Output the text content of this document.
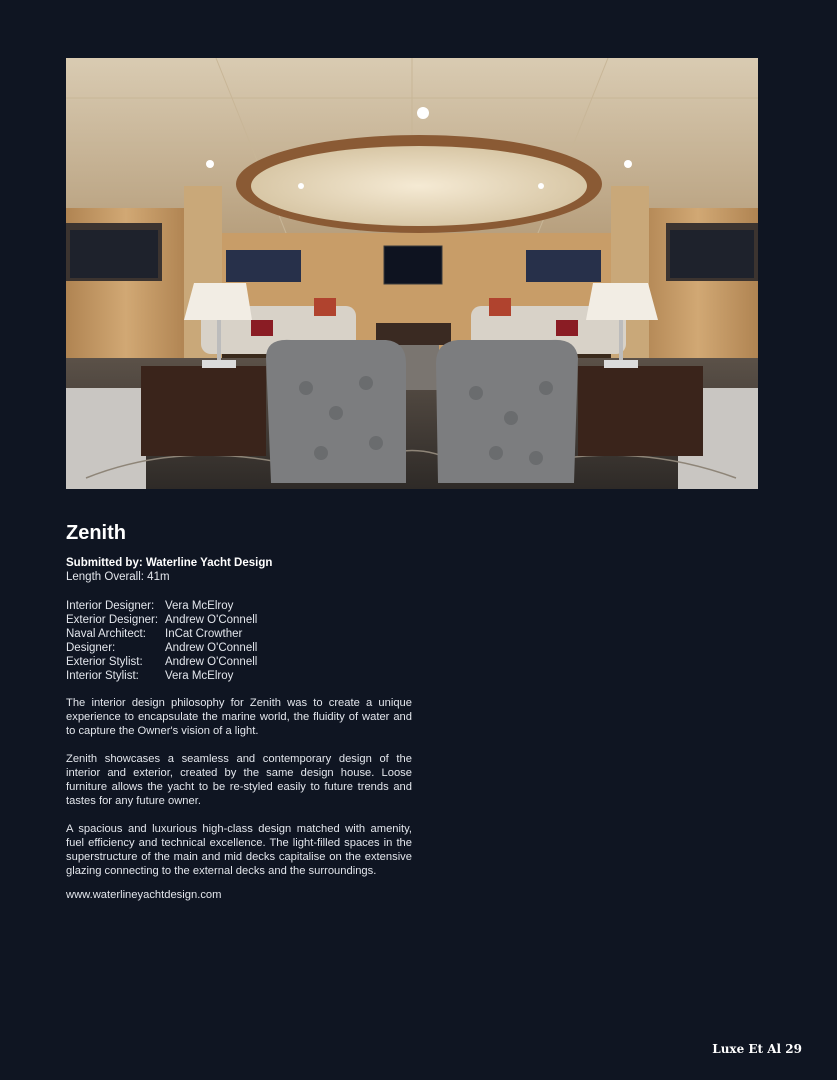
Zenith
Submitted by: Waterline Yacht Design
Length Overall: 41m
Interior Designer: Vera McElroy
Exterior Designer: Andrew O'Connell
Naval Architect: InCat Crowther
Designer:	Andrew O'Connell
Exterior Stylist: Andrew O'Connell
Interior Stylist: Vera McElroy

The interior design philosophy for Zenith was to create a unique experience to encapsulate the marine world, the fluidity of water and to capture the Owner's vision of a light.

Zenith showcases a seamless and contemporary design of the interior and exterior, created by the same design house. Loose furniture allows the yacht to be re-styled easily to future trends and tastes for any future owner.

A spacious and luxurious high-class design matched with amenity, fuel efficiency and technical excellence. The light-filled spaces in the superstructure of the main and mid decks capitalise on the extensive glazing connecting to the external decks and the surroundings.

www.waterlineyachtdesign.com
Luxe Et Al 29
